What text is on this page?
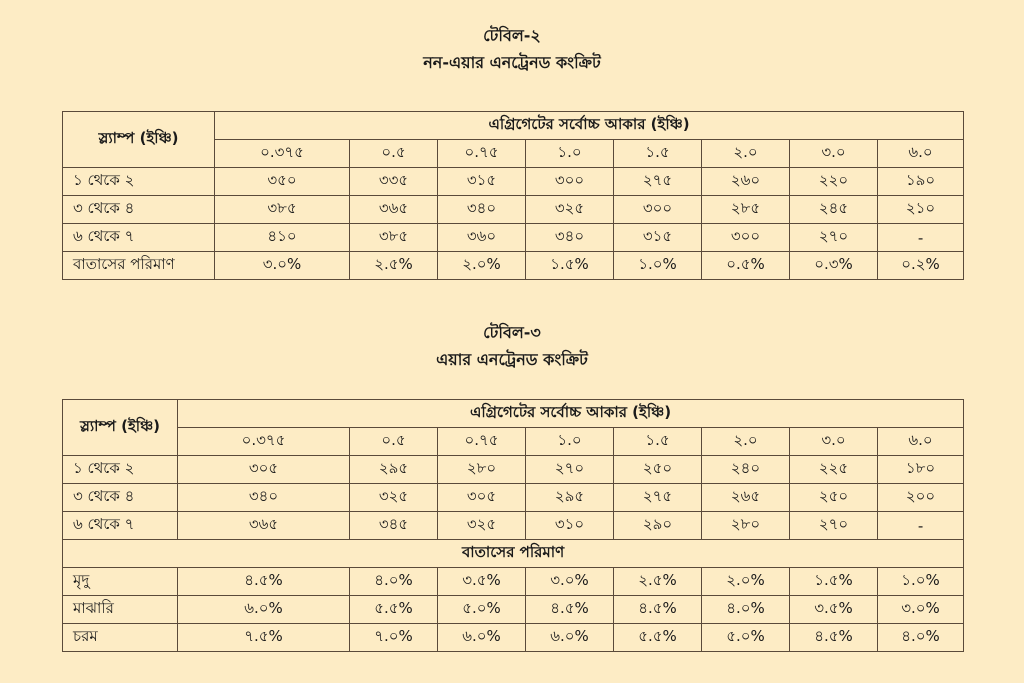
টেবিল-২
নন-এয়ার এনট্রেনড কংক্রিট
স্ল্যাম্প (ইঞ্চি)	এগ্রিগেটের সর্বোচ্চ আকার (ইঞ্চি)							
	০.৩৭৫	০.৫	০.৭৫	১.০	১.৫	২.০	৩.০	৬.০
১ থেকে ২	৩৫০	৩৩৫	৩১৫	৩০০	২৭৫	২৬০	২২০	১৯০
৩ থেকে ৪	৩৮৫	৩৬৫	৩৪০	৩২৫	৩০০	২৮৫	২৪৫	২১০
৬ থেকে ৭	৪১০	৩৮৫	৩৬০	৩৪০	৩১৫	৩০০	২৭০	-
বাতাসের পরিমাণ	৩.০%	২.৫%	২.০%	১.৫%	১.০%	০.৫%	০.৩%	০.২%
টেবিল-৩
এয়ার এনট্রেনড কংক্রিট
স্ল্যাম্প (ইঞ্চি)	এগ্রিগেটের সর্বোচ্চ আকার (ইঞ্চি)							
	০.৩৭৫	০.৫	০.৭৫	১.০	১.৫	২.০	৩.০	৬.০
১ থেকে ২	৩০৫	২৯৫	২৮০	২৭০	২৫০	২৪০	২২৫	১৮০
৩ থেকে ৪	৩৪০	৩২৫	৩০৫	২৯৫	২৭৫	২৬৫	২৫০	২০০
৬ থেকে ৭	৩৬৫	৩৪৫	৩২৫	৩১০	২৯০	২৮০	২৭০	-
বাতাসের পরিমাণ								
মৃদু	৪.৫%	৪.০%	৩.৫%	৩.০%	২.৫%	২.০%	১.৫%	১.০%
মাঝারি	৬.০%	৫.৫%	৫.০%	৪.৫%	৪.৫%	৪.০%	৩.৫%	৩.০%
চরম	৭.৫%	৭.০%	৬.০%	৬.০%	৫.৫%	৫.০%	৪.৫%	৪.০%
